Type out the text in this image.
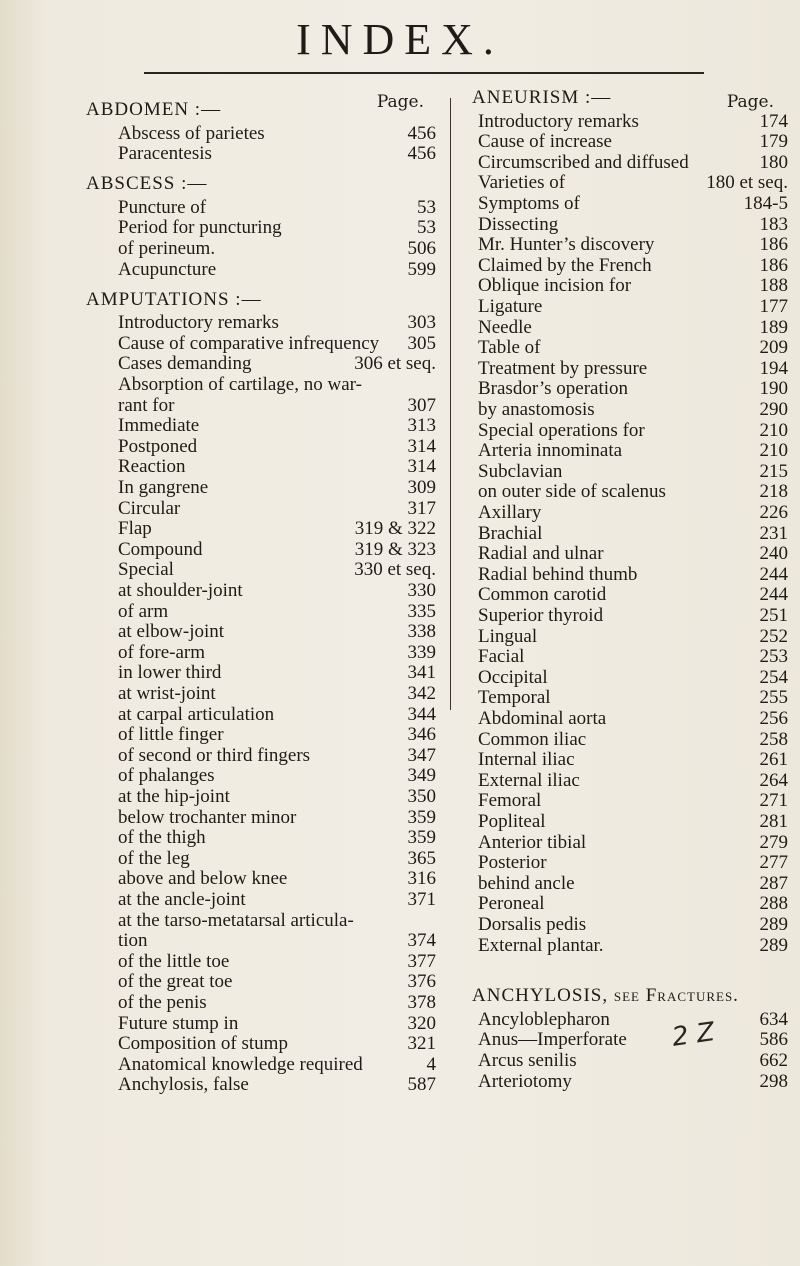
INDEX.
Page.	Page.
ABDOMEN :—
Abscess of parietes	456
Paracentesis	456
ABSCESS :—
Puncture of	53
Period for puncturing	53
of perineum.	506
Acupuncture	599
AMPUTATIONS :—
Introductory remarks	303
Cause of comparative infrequency 305
Cases demanding	306 et seq.
Absorption of cartilage, no war-
rant for	307
Immediate	313
Postponed	314
Reaction	314
In gangrene	309
Circular	317
Flap	319 & 322
Compound	319 & 323
Special	330 et seq.
at shoulder-joint	330
of arm	335
at elbow-joint	338
of fore-arm	339
in lower third	341
at wrist-joint	342
at carpal articulation	344
of little finger	346
of second or third fingers	347
of phalanges	349
at the hip-joint	350
below trochanter minor	359
of the thigh	359
of the leg	365
above and below knee	316
at the ancle-joint	371
at the tarso-metatarsal articula-
tion	374
of the little toe	377
of the great toe	376
of the penis	378
Future stump in	320
Composition of stump	321
Anatomical knowledge required	4
Anchylosis, false	587
ANEURISM :—
Introductory remarks	174
Cause of increase	179
Circumscribed and diffused	180
Varieties of	180 et seq.
Symptoms of	184-5
Dissecting	183
Mr. Hunter’s discovery	186
Claimed by the French	186
Oblique incision for	188
Ligature	177
Needle	189
Table of	209
Treatment by pressure	194
Brasdor’s operation	190
by anastomosis	290
Special operations for	210
Arteria innominata	210
Subclavian	215
on outer side of scalenus	218
Axillary	226
Brachial	231
Radial and ulnar	240
Radial behind thumb	244
Common carotid	244
Superior thyroid	251
Lingual	252
Facial	253
Occipital	254
Temporal	255
Abdominal aorta	256
Common iliac	258
Internal iliac	261
External iliac	264
Femoral	271
Popliteal	281
Anterior tibial	279
Posterior	277
behind ancle	287
Peroneal	288
Dorsalis pedis	289
External plantar.	289
ANCHYLOSIS, see Fractures.
Ancyloblepharon	634
Anus—Imperforate	586
Arcus senilis	662
Arteriotomy	298
2 Z
